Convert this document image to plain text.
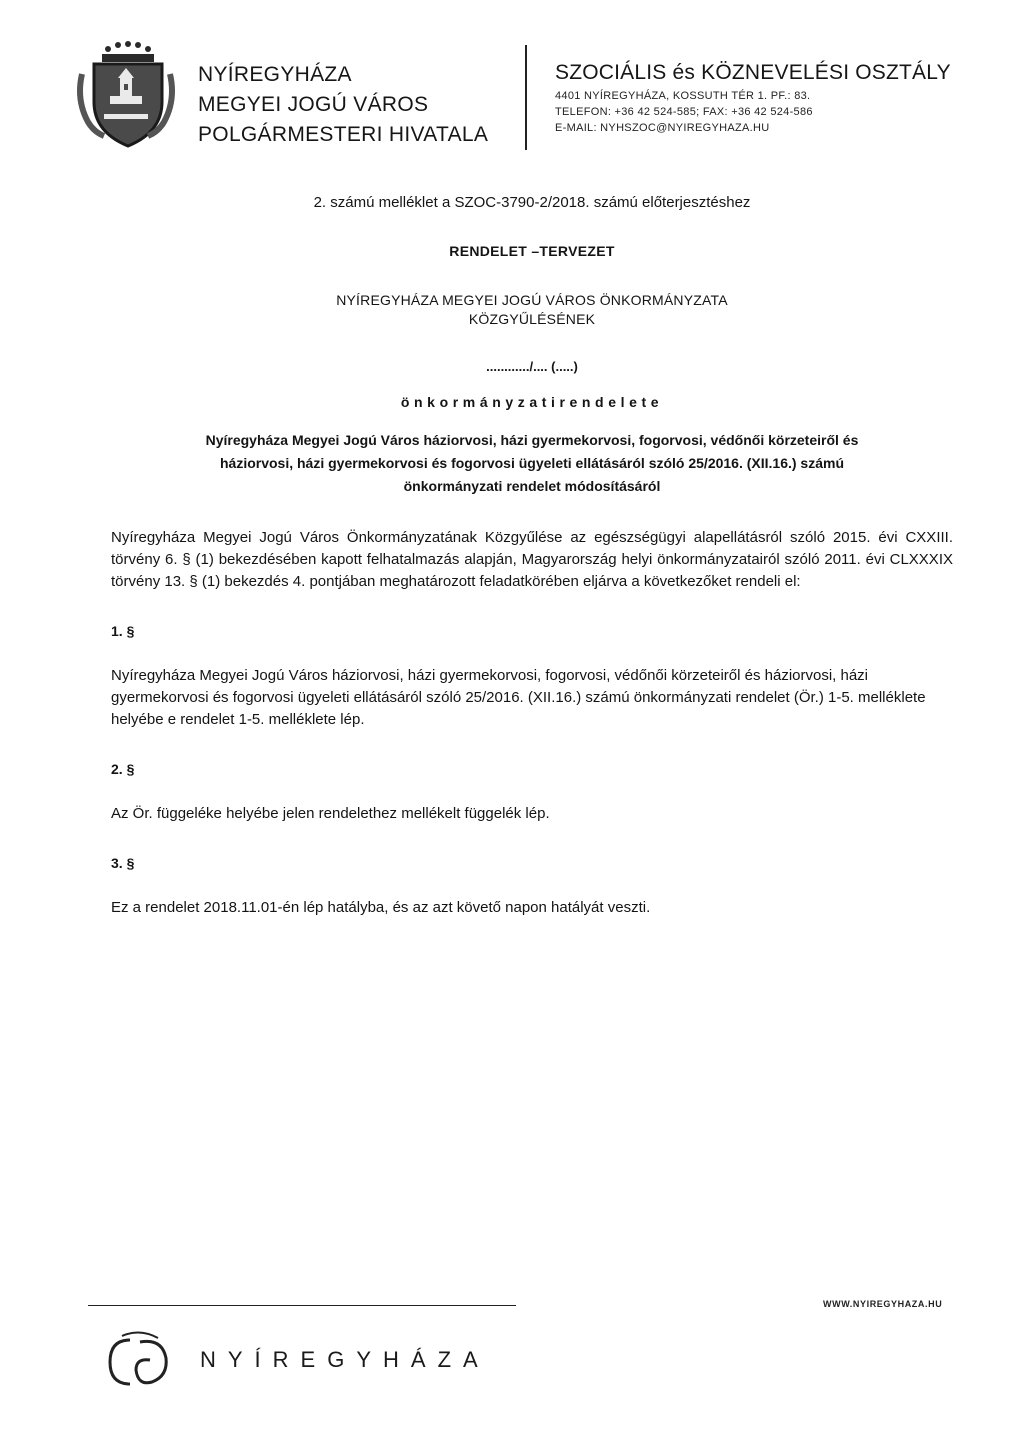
NYÍREGYHÁZA
MEGYEI JOGÚ VÁROS
POLGÁRMESTERI HIVATALA
SZOCIÁLIS és KÖZNEVELÉSI OSZTÁLY
4401 NYÍREGYHÁZA, KOSSUTH TÉR 1. PF.: 83.
TELEFON: +36 42 524-585; FAX: +36 42 524-586
E-MAIL: NYHSZOC@NYIREGYHAZA.HU

2. számú melléklet a SZOC-3790-2/2018. számú előterjesztéshez

RENDELET –TERVEZET

NYÍREGYHÁZA MEGYEI JOGÚ VÁROS ÖNKORMÁNYZATA
KÖZGYŰLÉSÉNEK

............/.... (.....)

önkormányzatirendelete

Nyíregyháza Megyei Jogú Város háziorvosi, házi gyermekorvosi, fogorvosi, védőnői körzeteiről és
háziorvosi, házi gyermekorvosi és fogorvosi ügyeleti ellátásáról szóló 25/2016. (XII.16.) számú
önkormányzati rendelet módosításáról

Nyíregyháza Megyei Jogú Város Önkormányzatának Közgyűlése az egészségügyi alapellátásról szóló 2015. évi CXXIII. törvény 6. § (1) bekezdésében kapott felhatalmazás alapján, Magyarország helyi önkormányzatairól szóló 2011. évi CLXXXIX törvény 13. § (1) bekezdés 4. pontjában meghatározott feladatkörében eljárva a következőket rendeli el:

1. §

Nyíregyháza Megyei Jogú Város háziorvosi, házi gyermekorvosi, fogorvosi, védőnői körzeteiről és háziorvosi, házi gyermekorvosi és fogorvosi ügyeleti ellátásáról szóló 25/2016. (XII.16.) számú önkormányzati rendelet (Ör.) 1-5. melléklete helyébe e rendelet 1-5. melléklete lép.

2. §

Az Ör. függeléke helyébe jelen rendelethez mellékelt függelék lép.

3. §

Ez a rendelet 2018.11.01-én lép hatályba, és az azt követő napon hatályát veszti.

WWW.NYIREGYHAZA.HU
NYÍREGYHÁZA
